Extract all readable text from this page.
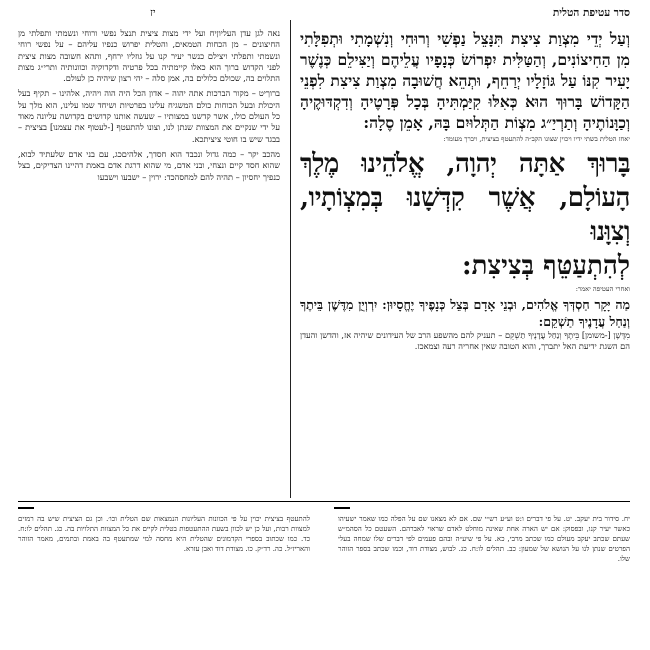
סדר עטיפת הטלית
יז
וְעַל יְדֵי מִצְוַת צִיצִת תִּנָּצֵל נַפְשִׁי וְרוּחִי וְנִשְׁמָתִי וּתְפִלָּתִי מִן הַחִיצוֹנִים, וְהַטַּלִּית יִפְרוֹשׂ כְּנָפָיו עֲלֵיהֶם וְיַצִּילֵם כְּנֶשֶׁר יָעִיר קִנּוֹ עַל גּוֹזָלָיו יְרַחֵף, וּתְהֵא חֲשׁוּבָה מִצְוַת צִיצִת לִפְנֵי הַקָּדוֹשׁ בָּרוּךְ הוּא כְּאִלּוּ קִיַּמְתִּיהָ בְּכָל פְּרָטֶיהָ וְדִקְדּוּקֶיהָ וְכַוָּנוֹתֶיהָ וְתַרְיַ״ג מִצְוֹת הַתְּלוּיִם בָּהּ, אָמֵן סֶלָה:
יאחז הטלית בשתי ידיו ויכוין שצונו הקב״ה להתעטף בציצית, ויברך מעומד:
בָּרוּךְ אַתָּה יְהוָה, אֱלֹהֵינוּ מֶלֶךְ הָעוֹלָם, אֲשֶׁר קִדְּשָׁנוּ בְּמִצְוֹתָיו, וְצִוָּנוּ
לְהִתְעַטֵּף בְּצִיצִת:
ואחרי העטיפה יאמר:
מַה יָּקָר חַסְדְּךָ אֱלֹהִים, וּבְנֵי אָדָם בְּצֵל כְּנָפֶיךָ יֶחֱסָיוּן: יִרְוְיֻן מִדֶּשֶׁן בֵּיתֶךָ וְנַחַל עֲדָנֶיךָ תַשְׁקֵם:
מִדֶּשֶׁן [-משומן] בֵּיתֶךָ וְנַחַל עֲדָנֶיךָ תַשְׁקֵם – תעניק להם מהשפע הרב של העידונים שיהיה אז, והדשן והעדן הם השגת ידיעת האל יתברך, והוא הטובה שאין אחריה רעה וצמאכז.

נאה לגן עדן העליוןיח ועל ידי מצות ציצית תנצל נפשי ורוחי ונשמתי ותפלתי מן החיצונים – מן הכחות הטמאים, והטלית יפרוש כנפיו עליהם – על נפשי רוחי ונשמתי ותפלתי ויצילם כנשר יעיר קנו על גוזליו ירחף, ותהא חשובה מצות ציצית לפני הקדוש ברוך הוא כאלו קיימתיה בכל פרטיה ודקדוקיה וכוונותיה ותרי״ג מצות התלוים בה, שכולם כלולים בה, אמן סלה – יהי רצון שיהיה כן לעולם.

ברוךיט – מקור הברכות אתה יהוה – אדון הכל היה הוה ויהיה, אלהינו – תקיף בעל היכולת ובעל הכוחות כולם המשגיח עלינו בפרטיות ושיחד שמו עלינו, הוא מלך על כל העולם כולו, אשר קדשנו במצותיו – שעשה אותנו קדושים בקדושה עליונה מאוד על ידי שנקיים את המצוות שנתן לנו, וצונו להתעטף [-לעטוף את עצמנו] בציצית – בבגד שיש בו חוטי ציציתכא.

מהכב יקר – כמה גדול ונכבד הוא חסדך, אלהיםכג, עם בני אדם שלעתיד לבוא, שהוא חסד קיים ונצחי, ובני אדם, מי שהוא דרגת אדם באמת דהיינו הצדיקים, בצל כנפיך יחסיון – תהיה להם למחסהכד: ירוין – ישבעו וישבעו

יח. סידור בית יעקב. יט. על פי דברים ו:ט וע״ע רש״י שם. אם לא מצאנו שם על הפלה כמו שאמר ישעיהו כאשר יעיר קנו, ובפסוק: אם יש הארה אחת שאינה מוחלט לאדם שראוי לאברהם. השעטם כל הסהמ״ש שעתם שכתב יעקב מעולם כמו שכתב מרבי, כא. על פי שיע״ה ובהם פעמים לפי דברים שלו שמחה בעלי הפרטים שנתן לנו על הנושא של שמעון: כב. תהלים לו:ח. כג. לבוש, מצודת דוד, וכמו שכתב בספר הזוהר שלו.
להתעטף בציצית יכוין על פי הכוונות העליונות הנמצאות שם הטלית וכו׳. וכן גם הציצית שיש בה רמזים למצוות רבות, ועל כן יש לכוון בשעת ההתעטפות בטלית לקיים את כל המצוות התלויות בה. כג. תהלים לו:ח. כד. כמו שכתוב בספרי הקדמונים שהטלית היא מחסה למי שמתעטף בה באמת ובתמים, מאמר הזוהר והאריז״ל. כה. רד״ק. כו. מצודת דוד ואבן עזרא.
